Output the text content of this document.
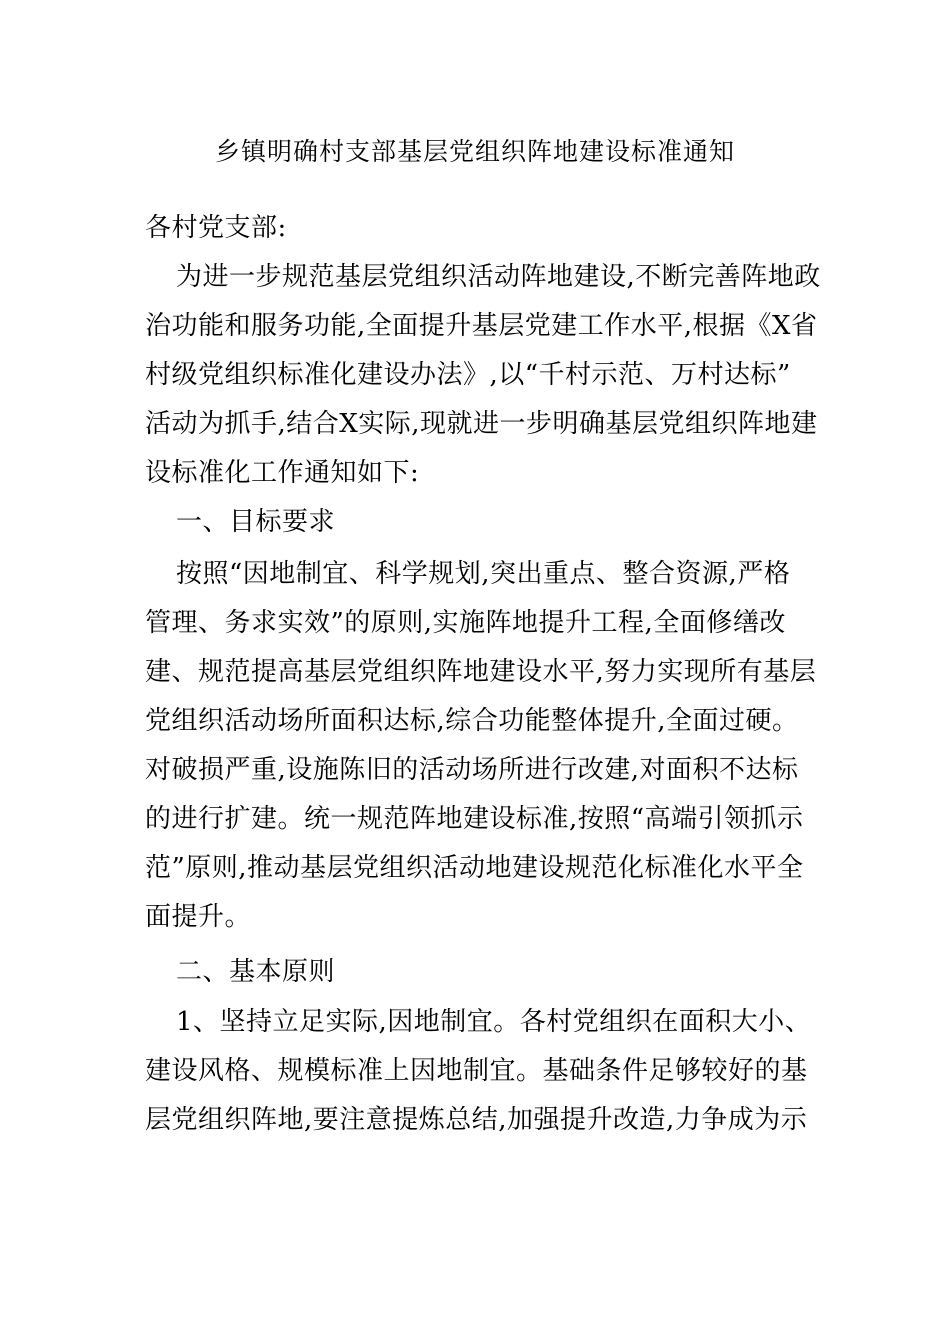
乡镇明确村支部基层党组织阵地建设标准通知

各村党支部:

为进一步规范基层党组织活动阵地建设,不断完善阵地政

治功能和服务功能,全面提升基层党建工作水平,根据《X省

村级党组织标准化建设办法》,以“千村示范、万村达标”

活动为抓手,结合X实际,现就进一步明确基层党组织阵地建

设标准化工作通知如下:

一、目标要求

按照“因地制宜、科学规划,突出重点、整合资源,严格

管理、务求实效”的原则,实施阵地提升工程,全面修缮改

建、规范提高基层党组织阵地建设水平,努力实现所有基层

党组织活动场所面积达标,综合功能整体提升,全面过硬。

对破损严重,设施陈旧的活动场所进行改建,对面积不达标

的进行扩建。统一规范阵地建设标准,按照“高端引领抓示

范”原则,推动基层党组织活动地建设规范化标准化水平全

面提升。

二、基本原则

1、坚持立足实际,因地制宜。各村党组织在面积大小、

建设风格、规模标准上因地制宜。基础条件足够较好的基

层党组织阵地,要注意提炼总结,加强提升改造,力争成为示
